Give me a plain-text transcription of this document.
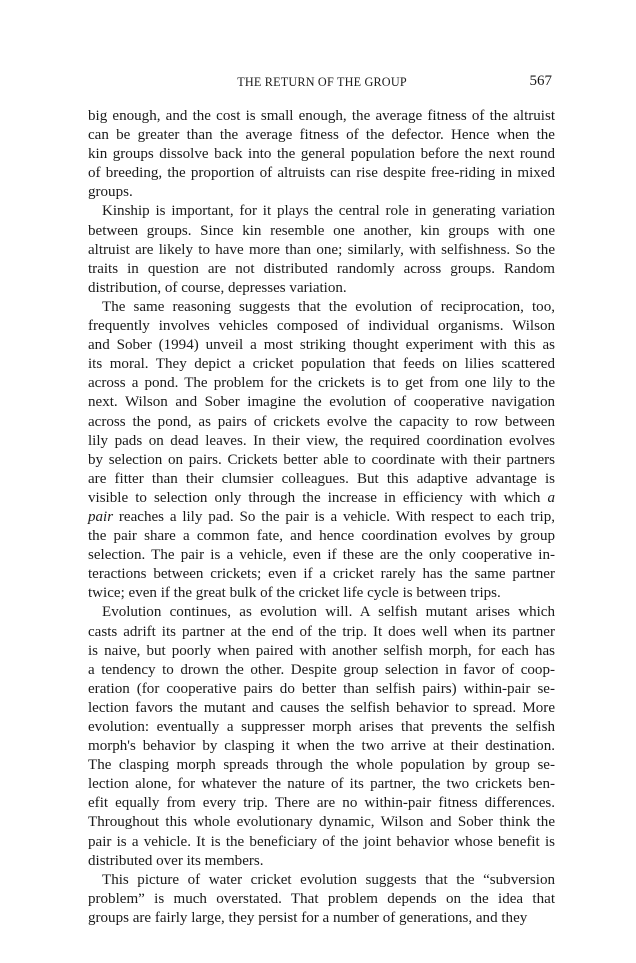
THE RETURN OF THE GROUP	567
big enough, and the cost is small enough, the average fitness of the altruist
can be greater than the average fitness of the defector. Hence when the
kin groups dissolve back into the general population before the next round
of breeding, the proportion of altruists can rise despite free-riding in mixed
groups.
Kinship is important, for it plays the central role in generating variation
between groups. Since kin resemble one another, kin groups with one
altruist are likely to have more than one; similarly, with selfishness. So the
traits in question are not distributed randomly across groups. Random
distribution, of course, depresses variation.
The same reasoning suggests that the evolution of reciprocation, too,
frequently involves vehicles composed of individual organisms. Wilson
and Sober (1994) unveil a most striking thought experiment with this as
its moral. They depict a cricket population that feeds on lilies scattered
across a pond. The problem for the crickets is to get from one lily to the
next. Wilson and Sober imagine the evolution of cooperative navigation
across the pond, as pairs of crickets evolve the capacity to row between
lily pads on dead leaves. In their view, the required coordination evolves
by selection on pairs. Crickets better able to coordinate with their partners
are fitter than their clumsier colleagues. But this adaptive advantage is
visible to selection only through the increase in efficiency with which a
pair reaches a lily pad. So the pair is a vehicle. With respect to each trip,
the pair share a common fate, and hence coordination evolves by group
selection. The pair is a vehicle, even if these are the only cooperative in-
teractions between crickets; even if a cricket rarely has the same partner
twice; even if the great bulk of the cricket life cycle is between trips.
Evolution continues, as evolution will. A selfish mutant arises which
casts adrift its partner at the end of the trip. It does well when its partner
is naive, but poorly when paired with another selfish morph, for each has
a tendency to drown the other. Despite group selection in favor of coop-
eration (for cooperative pairs do better than selfish pairs) within-pair se-
lection favors the mutant and causes the selfish behavior to spread. More
evolution: eventually a suppresser morph arises that prevents the selfish
morph's behavior by clasping it when the two arrive at their destination.
The clasping morph spreads through the whole population by group se-
lection alone, for whatever the nature of its partner, the two crickets ben-
efit equally from every trip. There are no within-pair fitness differences.
Throughout this whole evolutionary dynamic, Wilson and Sober think the
pair is a vehicle. It is the beneficiary of the joint behavior whose benefit is
distributed over its members.
This picture of water cricket evolution suggests that the “subversion
problem” is much overstated. That problem depends on the idea that
groups are fairly large, they persist for a number of generations, and they
